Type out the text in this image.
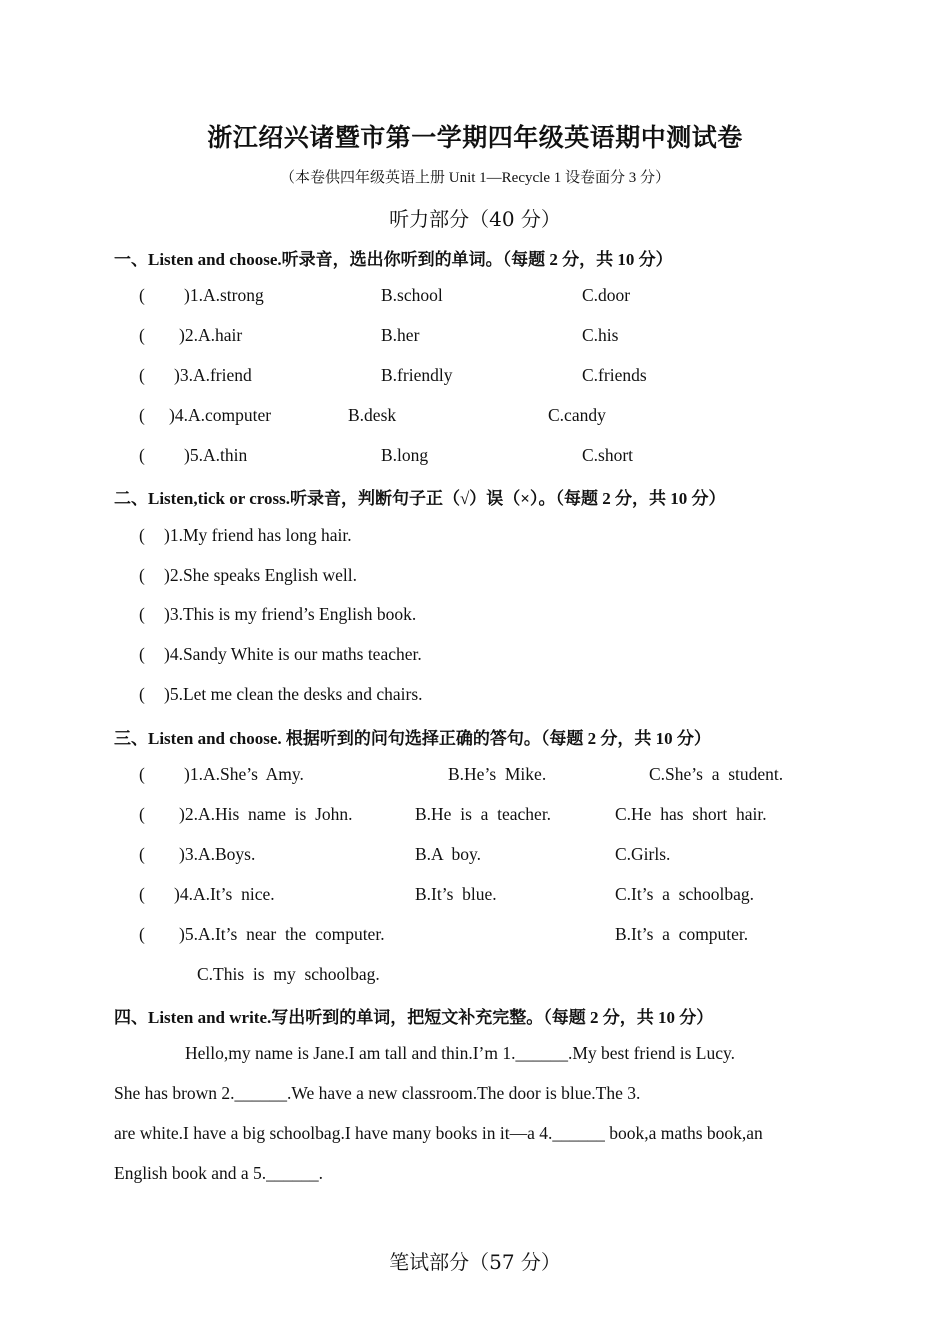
浙江绍兴诸暨市第一学期四年级英语期中测试卷
（本卷供四年级英语上册 Unit 1—Recycle 1 设卷面分 3 分）
听力部分（40 分）
一、Listen and choose.听录音，选出你听到的单词。（每题 2 分，共 10 分）
( )1.A.strong	B.school	C.door
( )2.A.hair	B.her	C.his
( )3.A.friend	B.friendly	C.friends
( )4.A.computer	B.desk	C.candy
( )5.A.thin	B.long	C.short
二、Listen,tick or cross.听录音，判断句子正（√）误（×）。（每题 2 分，共 10 分）
( )1.My friend has long hair.
( )2.She speaks English well.
( )3.This is my friend’s English book.
( )4.Sandy White is our maths teacher.
( )5.Let me clean the desks and chairs.
三、Listen and choose. 根据听到的问句选择正确的答句。（每题 2 分，共 10 分）
( )1.A.She’s  Amy.	B.He’s  Mike.	C.She’s  a  student.
( )2.A.His  name  is  John.	B.He  is  a  teacher.	C.He  has  short  hair.
( )3.A.Boys.	B.A  boy.	C.Girls.
( )4.A.It’s  nice.	B.It’s  blue.	C.It’s  a  schoolbag.
( )5.A.It’s  near  the  computer.	B.It’s  a  computer.
C.This  is  my  schoolbag.
四、Listen and write.写出听到的单词，把短文补充完整。（每题 2 分，共 10 分）
Hello,my name is Jane.I am tall and thin.I’m 1.______.My best friend is Lucy.
She has brown 2.______.We have a new classroom.The door is blue.The 3.
are white.I have a big schoolbag.I have many books in it—a 4.______ book,a maths book,an
English book and a 5.______.
笔试部分（57 分）
